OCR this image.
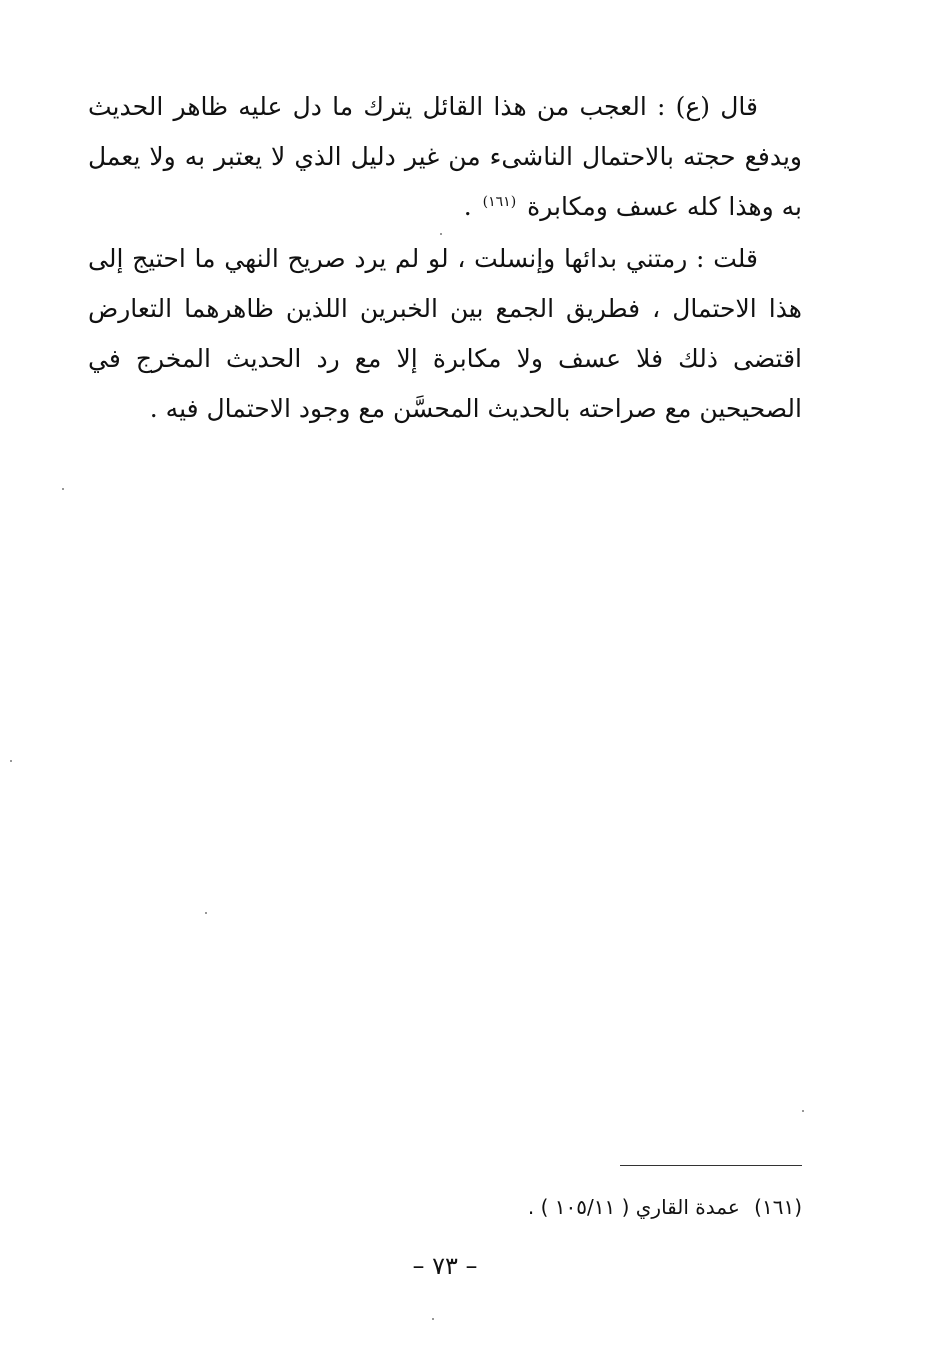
قال (ع) : العجب من هذا القائل يترك ما دل عليه ظاهر الحديث ويدفع حجته بالاحتمال الناشىء من غير دليل الذي لا يعتبر به ولا يعمل به وهذا كله عسف ومكابرة $^{(١٦١)}$ .

قلت : رمتني بدائها وإنسلت ، لو لم يرد صريح النهي ما احتيج إلى هذا الاحتمال ، فطريق الجمع بين الخبرين اللذين ظاهرهما التعارض اقتضى ذلك فلا عسف ولا مكابرة إلا مع رد الحديث المخرج في الصحيحين مع صراحته بالحديث المحسَّن مع وجود الاحتمال فيه .

(١٦١) عمدة القاري ( ١٠٥/١١ ) .
– ٧٣ –
